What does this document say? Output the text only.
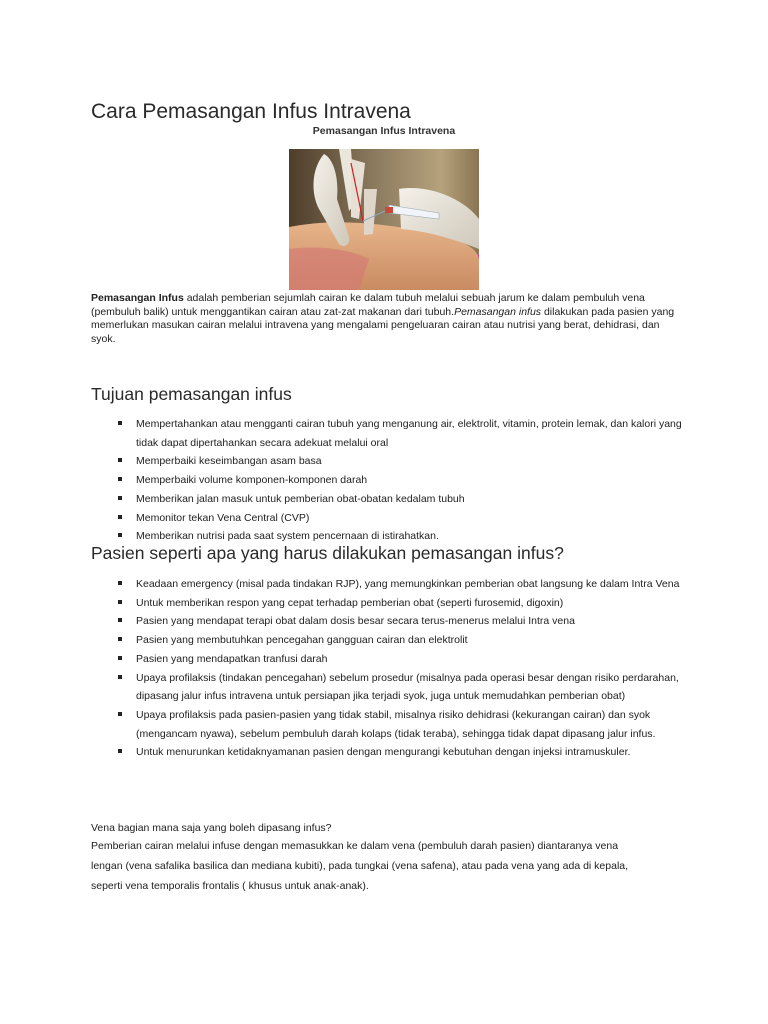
Cara Pemasangan Infus Intravena
Pemasangan Infus Intravena
Pemasangan Infus adalah pemberian sejumlah cairan ke dalam tubuh melalui sebuah jarum ke dalam pembuluh vena (pembuluh balik) untuk menggantikan cairan atau zat-zat makanan dari tubuh.Pemasangan infus dilakukan pada pasien yang memerlukan masukan cairan melalui intravena yang mengalami pengeluaran cairan atau nutrisi yang berat, dehidrasi, dan syok.
Tujuan pemasangan infus
Mempertahankan atau mengganti cairan tubuh yang menganung air, elektrolit, vitamin, protein lemak, dan kalori yang tidak dapat dipertahankan secara adekuat melalui oral
Memperbaiki keseimbangan asam basa
Memperbaiki volume komponen-komponen darah
Memberikan jalan masuk untuk pemberian obat-obatan kedalam tubuh
Memonitor tekan Vena Central (CVP)
Memberikan nutrisi pada saat system pencernaan di istirahatkan.
Pasien seperti apa yang harus dilakukan pemasangan infus?
Keadaan emergency (misal pada tindakan RJP), yang memungkinkan pemberian obat langsung ke dalam Intra Vena
Untuk memberikan respon yang cepat terhadap pemberian obat (seperti furosemid, digoxin)
Pasien yang mendapat terapi obat dalam dosis besar secara terus-menerus melalui Intra vena
Pasien yang membutuhkan pencegahan gangguan cairan dan elektrolit
Pasien yang mendapatkan tranfusi darah
Upaya profilaksis (tindakan pencegahan) sebelum prosedur (misalnya pada operasi besar dengan risiko perdarahan, dipasang jalur infus intravena untuk persiapan jika terjadi syok, juga untuk memudahkan pemberian obat)
Upaya profilaksis pada pasien-pasien yang tidak stabil, misalnya risiko dehidrasi (kekurangan cairan) dan syok (mengancam nyawa), sebelum pembuluh darah kolaps (tidak teraba), sehingga tidak dapat dipasang jalur infus.
Untuk menurunkan ketidaknyamanan pasien dengan mengurangi kebutuhan dengan injeksi intramuskuler.
Vena bagian mana saja yang boleh dipasang infus?
Pemberian cairan melalui infuse dengan memasukkan ke dalam vena (pembuluh darah pasien) diantaranya vena
lengan (vena safalika basilica dan mediana kubiti), pada tungkai (vena safena), atau pada vena yang ada di kepala,
seperti vena temporalis frontalis ( khusus untuk anak-anak).
